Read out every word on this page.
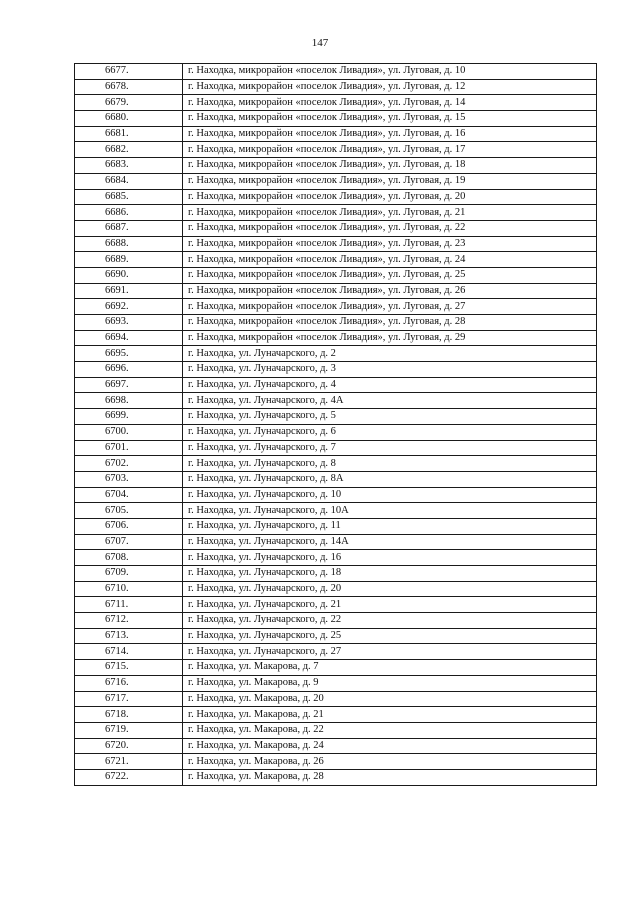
147
6677.	г. Находка, микрорайон «поселок Ливадия», ул. Луговая, д. 10
6678.	г. Находка, микрорайон «поселок Ливадия», ул. Луговая, д. 12
6679.	г. Находка, микрорайон «поселок Ливадия», ул. Луговая, д. 14
6680.	г. Находка, микрорайон «поселок Ливадия», ул. Луговая, д. 15
6681.	г. Находка, микрорайон «поселок Ливадия», ул. Луговая, д. 16
6682.	г. Находка, микрорайон «поселок Ливадия», ул. Луговая, д. 17
6683.	г. Находка, микрорайон «поселок Ливадия», ул. Луговая, д. 18
6684.	г. Находка, микрорайон «поселок Ливадия», ул. Луговая, д. 19
6685.	г. Находка, микрорайон «поселок Ливадия», ул. Луговая, д. 20
6686.	г. Находка, микрорайон «поселок Ливадия», ул. Луговая, д. 21
6687.	г. Находка, микрорайон «поселок Ливадия», ул. Луговая, д. 22
6688.	г. Находка, микрорайон «поселок Ливадия», ул. Луговая, д. 23
6689.	г. Находка, микрорайон «поселок Ливадия», ул. Луговая, д. 24
6690.	г. Находка, микрорайон «поселок Ливадия», ул. Луговая, д. 25
6691.	г. Находка, микрорайон «поселок Ливадия», ул. Луговая, д. 26
6692.	г. Находка, микрорайон «поселок Ливадия», ул. Луговая, д. 27
6693.	г. Находка, микрорайон «поселок Ливадия», ул. Луговая, д. 28
6694.	г. Находка, микрорайон «поселок Ливадия», ул. Луговая, д. 29
6695.	г. Находка, ул. Луначарского, д. 2
6696.	г. Находка, ул. Луначарского, д. 3
6697.	г. Находка, ул. Луначарского, д. 4
6698.	г. Находка, ул. Луначарского, д. 4А
6699.	г. Находка, ул. Луначарского, д. 5
6700.	г. Находка, ул. Луначарского, д. 6
6701.	г. Находка, ул. Луначарского, д. 7
6702.	г. Находка, ул. Луначарского, д. 8
6703.	г. Находка, ул. Луначарского, д. 8А
6704.	г. Находка, ул. Луначарского, д. 10
6705.	г. Находка, ул. Луначарского, д. 10А
6706.	г. Находка, ул. Луначарского, д. 11
6707.	г. Находка, ул. Луначарского, д. 14А
6708.	г. Находка, ул. Луначарского, д. 16
6709.	г. Находка, ул. Луначарского, д. 18
6710.	г. Находка, ул. Луначарского, д. 20
6711.	г. Находка, ул. Луначарского, д. 21
6712.	г. Находка, ул. Луначарского, д. 22
6713.	г. Находка, ул. Луначарского, д. 25
6714.	г. Находка, ул. Луначарского, д. 27
6715.	г. Находка, ул. Макарова, д. 7
6716.	г. Находка, ул. Макарова, д. 9
6717.	г. Находка, ул. Макарова, д. 20
6718.	г. Находка, ул. Макарова, д. 21
6719.	г. Находка, ул. Макарова, д. 22
6720.	г. Находка, ул. Макарова, д. 24
6721.	г. Находка, ул. Макарова, д. 26
6722.	г. Находка, ул. Макарова, д. 28
